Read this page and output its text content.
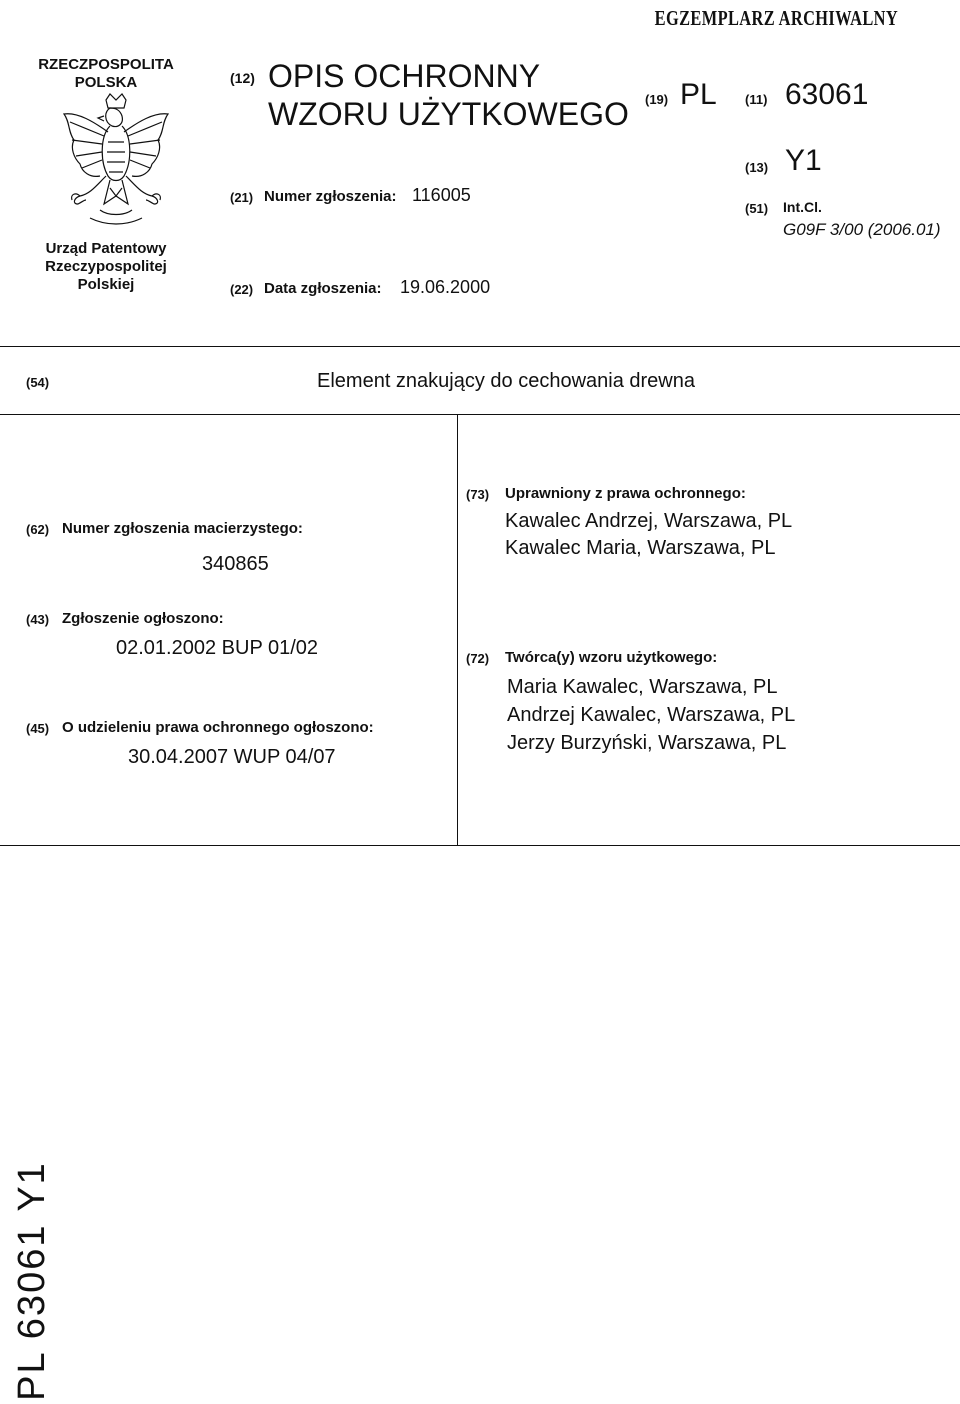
EGZEMPLARZ ARCHIWALNY
RZECZPOSPOLITA
POLSKA
Urząd Patentowy
Rzeczypospolitej
Polskiej
(12) OPIS OCHRONNY
WZORU UŻYTKOWEGO (19) PL (11) 63061
(13) Y1
(51) Int.Cl.
G09F 3/00 (2006.01)
(21) Numer zgłoszenia: 116005
(22) Data zgłoszenia: 19.06.2000
(54)	Element znakujący do cechowania drewna
(62) Numer zgłoszenia macierzystego:
340865
(43) Zgłoszenie ogłoszono:
02.01.2002 BUP 01/02
(45) O udzieleniu prawa ochronnego ogłoszono:
30.04.2007 WUP 04/07
(73) Uprawniony z prawa ochronnego:
Kawalec Andrzej, Warszawa, PL
Kawalec Maria, Warszawa, PL
(72) Twórca(y) wzoru użytkowego:
Maria Kawalec, Warszawa, PL
Andrzej Kawalec, Warszawa, PL
Jerzy Burzyński, Warszawa, PL
PL 63061 Y1
